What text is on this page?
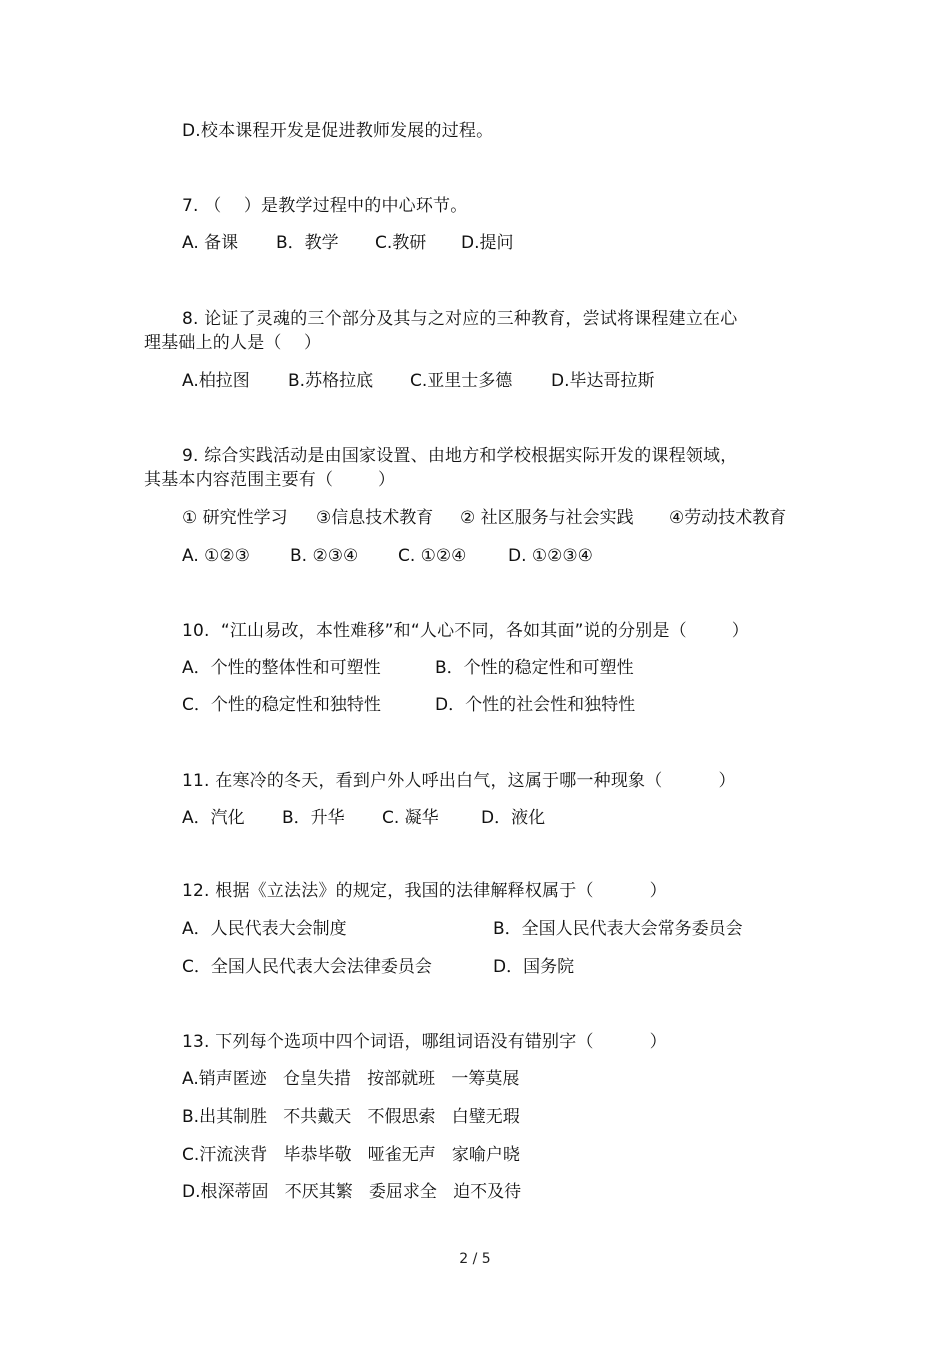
D.校本课程开发是促进教师发展的过程。
7. （    ）是教学过程中的中心环节。
A. 备课 B．教学 C.教研 D.提问
8. 论证了灵魂的三个部分及其与之对应的三种教育，尝试将课程建立在心
理基础上的人是（    ）
A.柏拉图 B.苏格拉底 C.亚里士多德 D.毕达哥拉斯
9. 综合实践活动是由国家设置、由地方和学校根据实际开发的课程领域，
其基本内容范围主要有（        ）
① 研究性学习 ③信息技术教育 ② 社区服务与社会实践 ④劳动技术教育
A. ①②③ B. ②③④ C. ①②④ D. ①②③④
10.  “江山易改，本性难移”和“人心不同，各如其面”说的分别是（        ）
A．个性的整体性和可塑性	B．个性的稳定性和可塑性
C．个性的稳定性和独特性	D．个性的社会性和独特性
11. 在寒冷的冬天，看到户外人呼出白气，这属于哪一种现象（          ）
A．汽化 B．升华 C. 凝华 D．液化
12. 根据《立法法》的规定，我国的法律解释权属于（          ）
A．人民代表大会制度	B．全国人民代表大会常务委员会
C．全国人民代表大会法律委员会	D．国务院
13. 下列每个选项中四个词语，哪组词语没有错别字（          ）
A.销声匿迹   仓皇失措   按部就班   一筹莫展
B.出其制胜   不共戴天   不假思索   白璧无瑕
C.汗流浃背   毕恭毕敬   哑雀无声   家喻户晓
D.根深蒂固   不厌其繁   委屈求全   迫不及待
2 / 5
